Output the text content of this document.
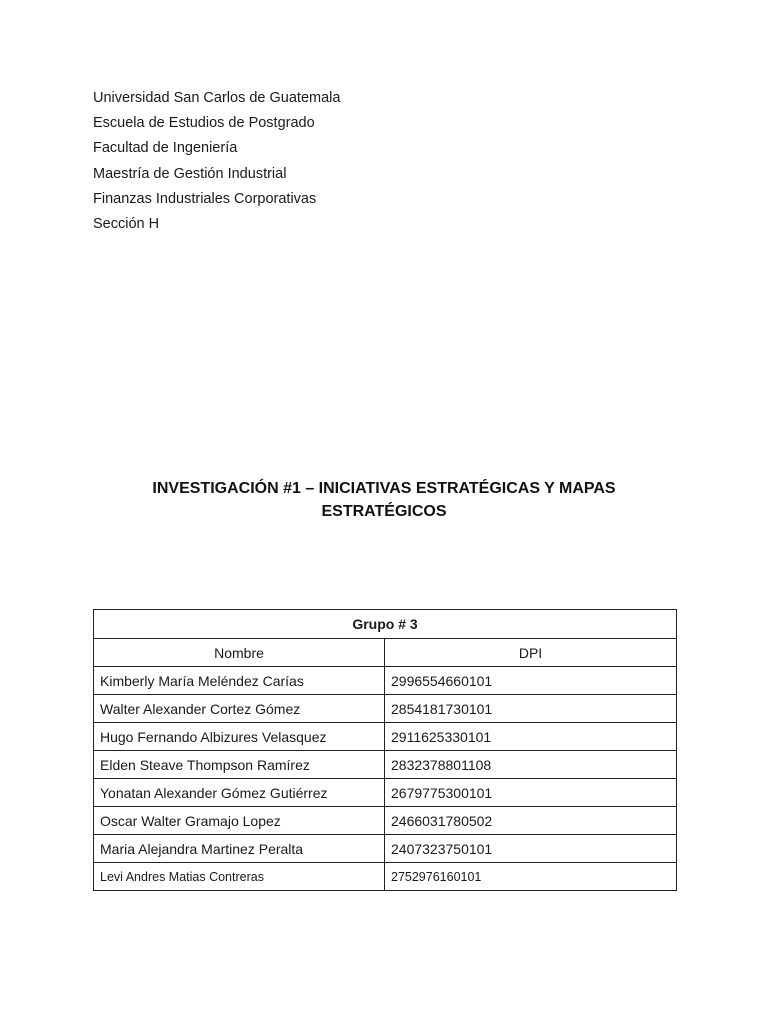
Universidad San Carlos de Guatemala
Escuela de Estudios de Postgrado
Facultad de Ingeniería
Maestría de Gestión Industrial
Finanzas Industriales Corporativas
Sección H
INVESTIGACIÓN #1 – INICIATIVAS ESTRATÉGICAS Y MAPAS
ESTRATÉGICOS
Grupo # 3	
Nombre	DPI
Kimberly María Meléndez Carías	2996554660101
Walter Alexander Cortez Gómez	2854181730101
Hugo Fernando Albizures Velasquez	2911625330101
Elden Steave Thompson Ramírez	2832378801108
Yonatan Alexander Gómez Gutiérrez	2679775300101
Oscar Walter Gramajo Lopez	2466031780502
Maria Alejandra Martinez Peralta	2407323750101
Levi Andres Matias Contreras	2752976160101
